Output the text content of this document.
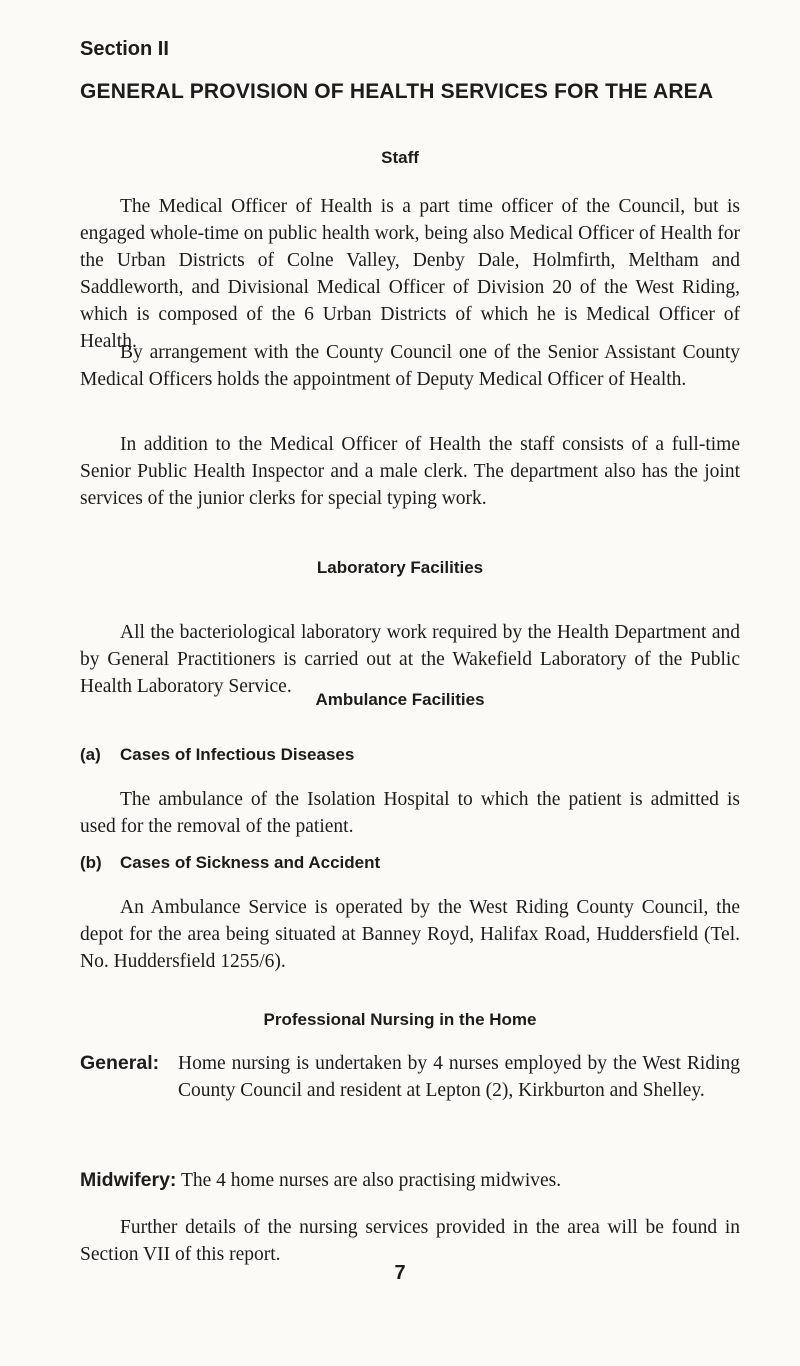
Section II
GENERAL PROVISION OF HEALTH SERVICES FOR THE AREA
Staff

The Medical Officer of Health is a part time officer of the Council, but is engaged whole-time on public health work, being also Medical Officer of Health for the Urban Districts of Colne Valley, Denby Dale, Holmfirth, Meltham and Saddleworth, and Divisional Medical Officer of Division 20 of the West Riding, which is composed of the 6 Urban Districts of which he is Medical Officer of Health.

By arrangement with the County Council one of the Senior Assistant County Medical Officers holds the appointment of Deputy Medical Officer of Health.

In addition to the Medical Officer of Health the staff consists of a full-time Senior Public Health Inspector and a male clerk. The department also has the joint services of the junior clerks for special typing work.

Laboratory Facilities

All the bacteriological laboratory work required by the Health Department and by General Practitioners is carried out at the Wakefield Laboratory of the Public Health Laboratory Service.

Ambulance Facilities
(a) Cases of Infectious Diseases

The ambulance of the Isolation Hospital to which the patient is admitted is used for the removal of the patient.

(b) Cases of Sickness and Accident

An Ambulance Service is operated by the West Riding County Council, the depot for the area being situated at Banney Royd, Halifax Road, Huddersfield (Tel. No. Huddersfield 1255/6).

Professional Nursing in the Home
General: Home nursing is undertaken by 4 nurses employed by the West Riding County Council and resident at Lepton (2), Kirkburton and Shelley.
Midwifery: The 4 home nurses are also practising midwives.

Further details of the nursing services provided in the area will be found in Section VII of this report.

7
